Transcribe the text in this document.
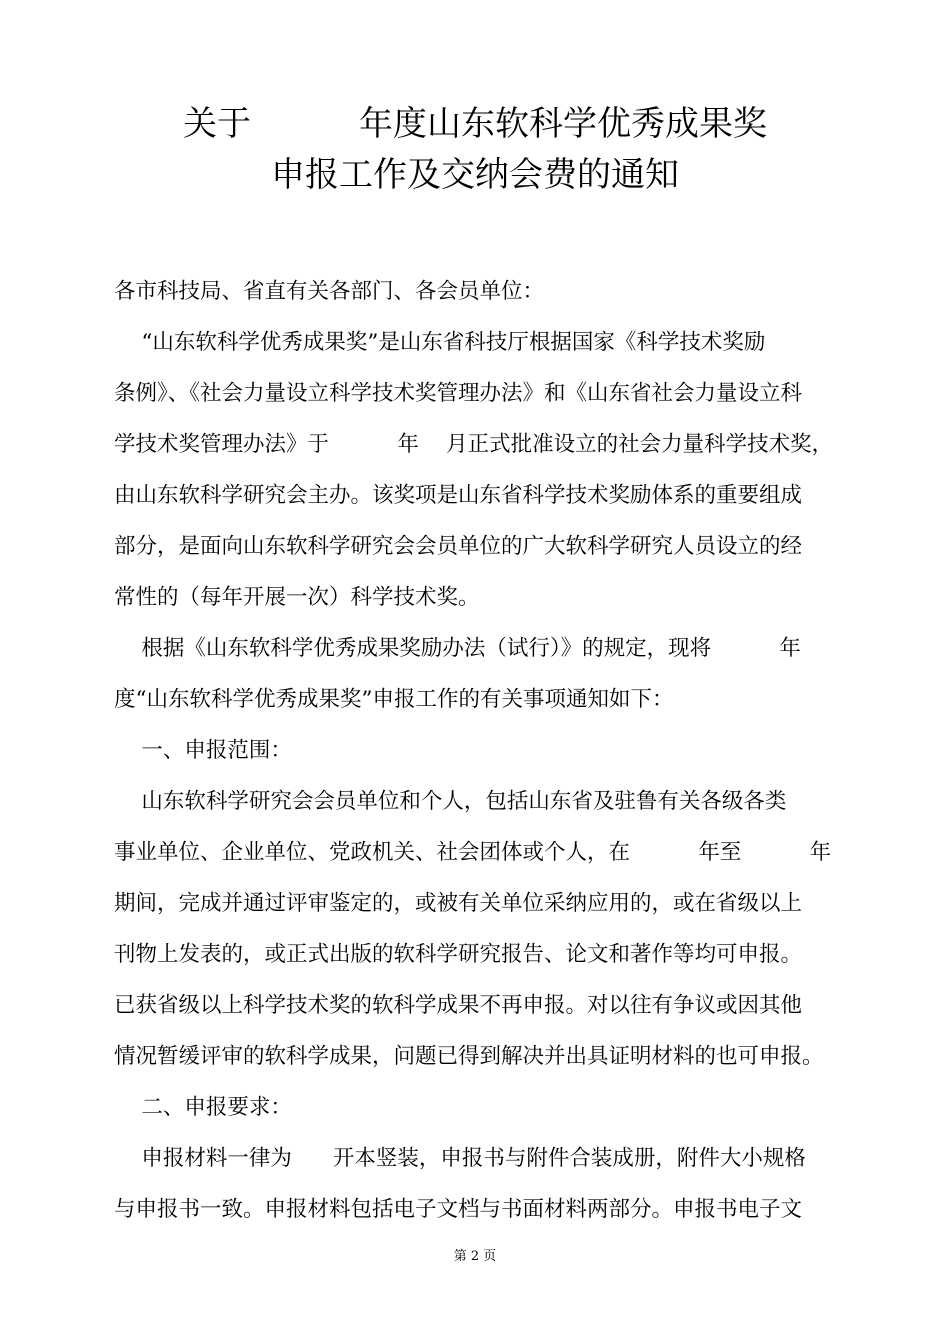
关于          年度山东软科学优秀成果奖
申报工作及交纳会费的通知

各市科技局、省直有关各部门、各会员单位：

“山东软科学优秀成果奖”是山东省科技厅根据国家《科学技术奖励

条例》、《社会力量设立科学技术奖管理办法》和《山东省社会力量设立科

学技术奖管理办法》于          年    月正式批准设立的社会力量科学技术奖，

由山东软科学研究会主办。该奖项是山东省科学技术奖励体系的重要组成

部分，是面向山东软科学研究会会员单位的广大软科学研究人员设立的经

常性的（每年开展一次）科学技术奖。

根据《山东软科学优秀成果奖励办法（试行）》的规定，现将          年

度“山东软科学优秀成果奖”申报工作的有关事项通知如下：

一、申报范围：

山东软科学研究会会员单位和个人，包括山东省及驻鲁有关各级各类

事业单位、企业单位、党政机关、社会团体或个人，在          年至          年

期间，完成并通过评审鉴定的，或被有关单位采纳应用的，或在省级以上

刊物上发表的，或正式出版的软科学研究报告、论文和著作等均可申报。

已获省级以上科学技术奖的软科学成果不再申报。对以往有争议或因其他

情况暂缓评审的软科学成果，问题已得到解决并出具证明材料的也可申报。

二、申报要求：

申报材料一律为      开本竖装，申报书与附件合装成册，附件大小规格

与申报书一致。申报材料包括电子文档与书面材料两部分。申报书电子文

第 2 页
